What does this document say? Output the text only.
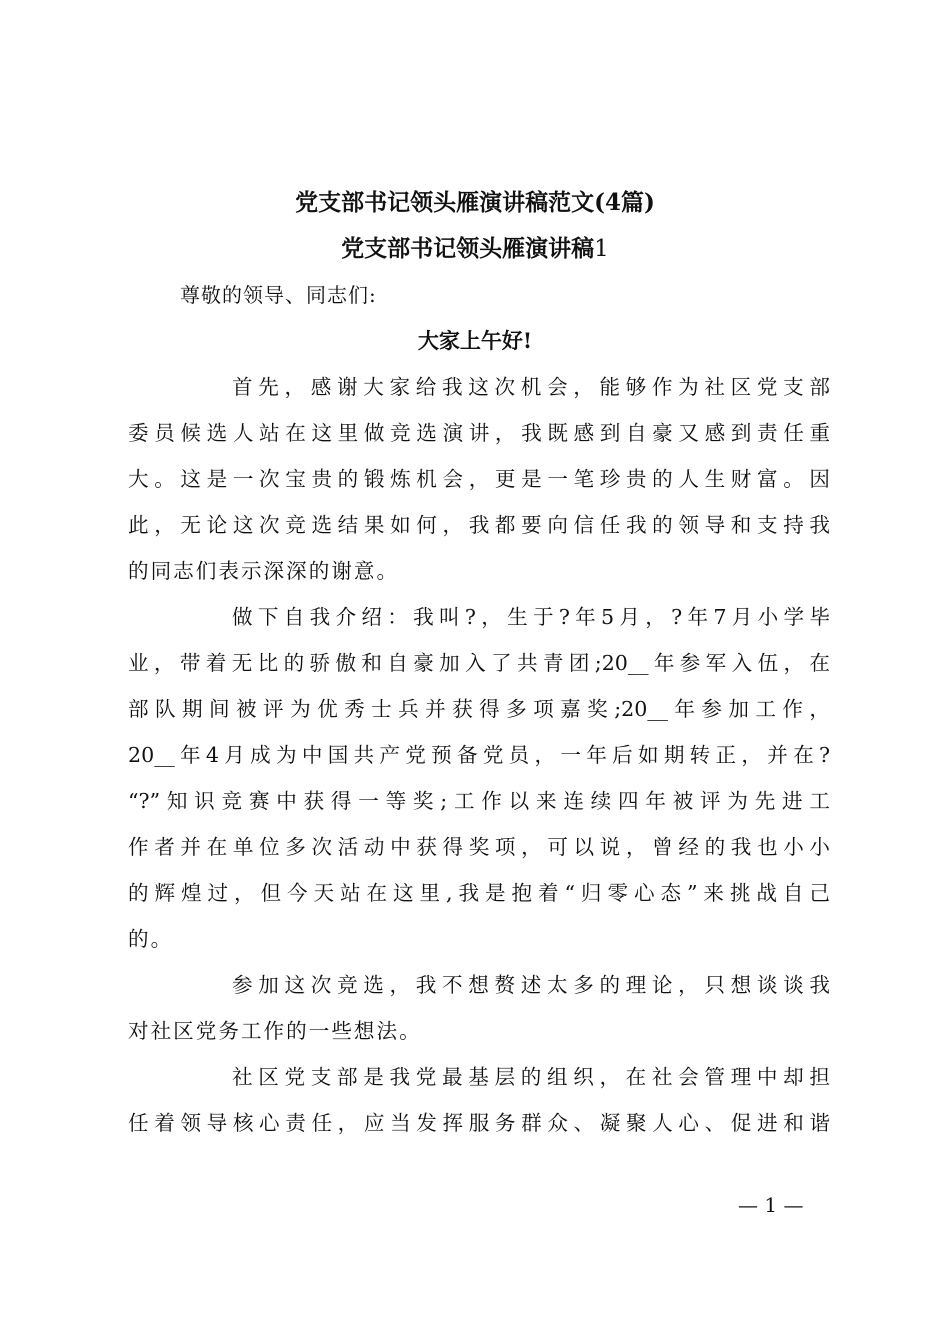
党支部书记领头雁演讲稿范文(4篇)
党支部书记领头雁演讲稿1
尊敬的领导、同志们:
大家上午好!
首先，感谢大家给我这次机会，能够作为社区党支部
委员候选人站在这里做竞选演讲，我既感到自豪又感到责任重
大。这是一次宝贵的锻炼机会，更是一笔珍贵的人生财富。因
此，无论这次竞选结果如何，我都要向信任我的领导和支持我
的同志们表示深深的谢意。
做下自我介绍：我叫?，生于?年5月，?年7月小学毕
业，带着无比的骄傲和自豪加入了共青团;20__年参军入伍，在
部队期间被评为优秀士兵并获得多项嘉奖;20__年参加工作，
20__年4月成为中国共产党预备党员，一年后如期转正，并在?
“?”知识竞赛中获得一等奖;工作以来连续四年被评为先进工
作者并在单位多次活动中获得奖项，可以说，曾经的我也小小
的辉煌过，但今天站在这里,我是抱着“归零心态”来挑战自己
的。
参加这次竞选，我不想赘述太多的理论，只想谈谈我
对社区党务工作的一些想法。
社区党支部是我党最基层的组织，在社会管理中却担
任着领导核心责任，应当发挥服务群众、凝聚人心、促进和谐
— 1 —
